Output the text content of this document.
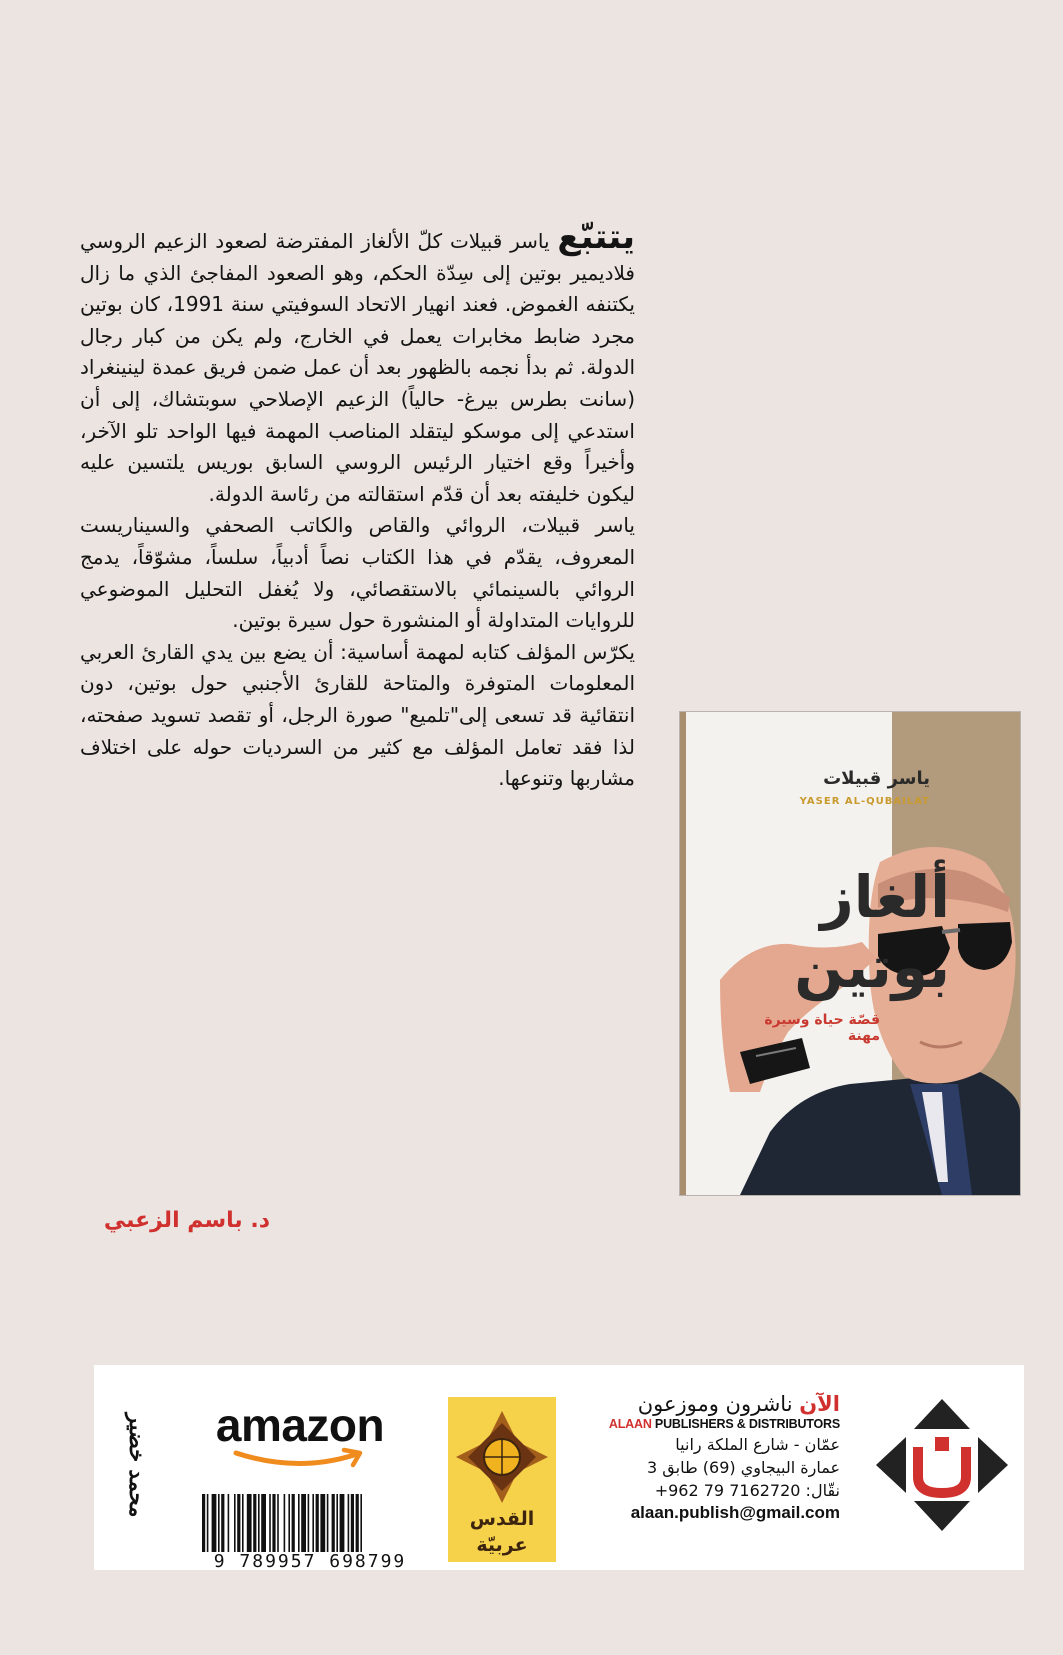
يتتبّع ياسر قبيلات كلّ الألغاز المفترضة لصعود الزعيم الروسي فلاديمير بوتين إلى سِدّة الحكم، وهو الصعود المفاجئ الذي ما زال يكتنفه الغموض. فعند انهيار الاتحاد السوفيتي سنة 1991، كان بوتين مجرد ضابط مخابرات يعمل في الخارج، ولم يكن من كبار رجال الدولة. ثم بدأ نجمه بالظهور بعد أن عمل ضمن فريق عمدة لينينغراد (سانت بطرس بيرغ- حالياً) الزعيم الإصلاحي سوبتشاك، إلى أن استدعي إلى موسكو ليتقلد المناصب المهمة فيها الواحد تلو الآخر، وأخيراً وقع اختيار الرئيس الروسي السابق بوريس يلتسين عليه ليكون خليفته بعد أن قدّم استقالته من رئاسة الدولة.

ياسر قبيلات، الروائي والقاص والكاتب الصحفي والسيناريست المعروف، يقدّم في هذا الكتاب نصاً أدبياً، سلساً، مشوّقاً، يدمج الروائي بالسينمائي بالاستقصائي، ولا يُغفل التحليل الموضوعي للروايات المتداولة أو المنشورة حول سيرة بوتين.

يكرّس المؤلف كتابه لمهمة أساسية: أن يضع بين يدي القارئ العربي المعلومات المتوفرة والمتاحة للقارئ الأجنبي حول بوتين، دون انتقائية قد تسعى إلى"تلميع" صورة الرجل، أو تقصد تسويد صفحته، لذا فقد تعامل المؤلف مع كثير من السرديات حوله على اختلاف مشاربها وتنوعها.

د. باسم الزعبي
ياسر قبيلات
YASER AL-QUBAILAT
ألغاز
بوتين
قصّة حياة وسيرة مهنة
محمد خضير	amazon
9 789957 698799
القدس
عربيّة
الآن ناشرون وموزعون
ALAAN PUBLISHERS & DISTRIBUTORS
عمّان - شارع الملكة رانيا
عمارة البيجاوي (69) طابق 3
نقّال: 7162720 79 962+
alaan.publish@gmail.com
